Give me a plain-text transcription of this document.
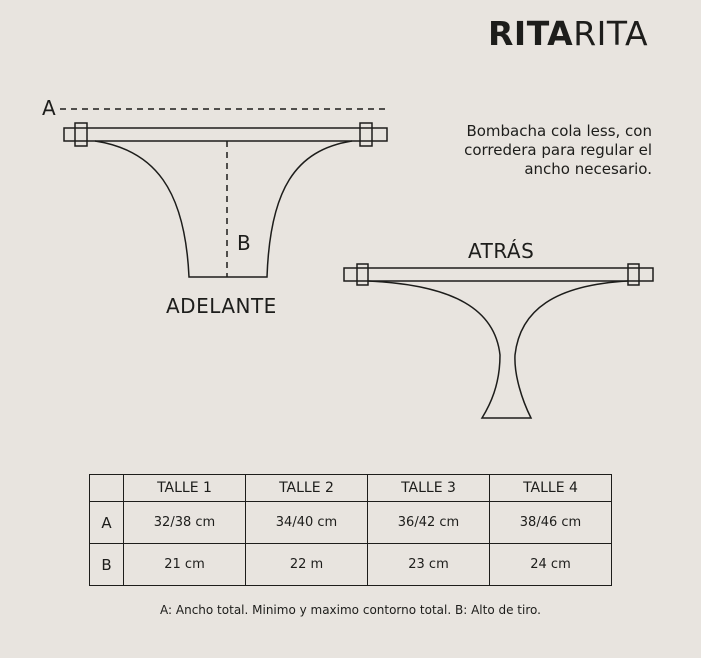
RITARITA
Bombacha cola less, con
corredera para regular el
ancho necesario.
A
B
ADELANTE
ATRÁS
	TALLE 1	TALLE 2	TALLE 3	TALLE 4
A	32/38 cm	34/40 cm	36/42 cm	38/46 cm
B	21 cm	22 m	23 cm	24 cm
A: Ancho total. Minimo y maximo contorno total. B: Alto de tiro.
